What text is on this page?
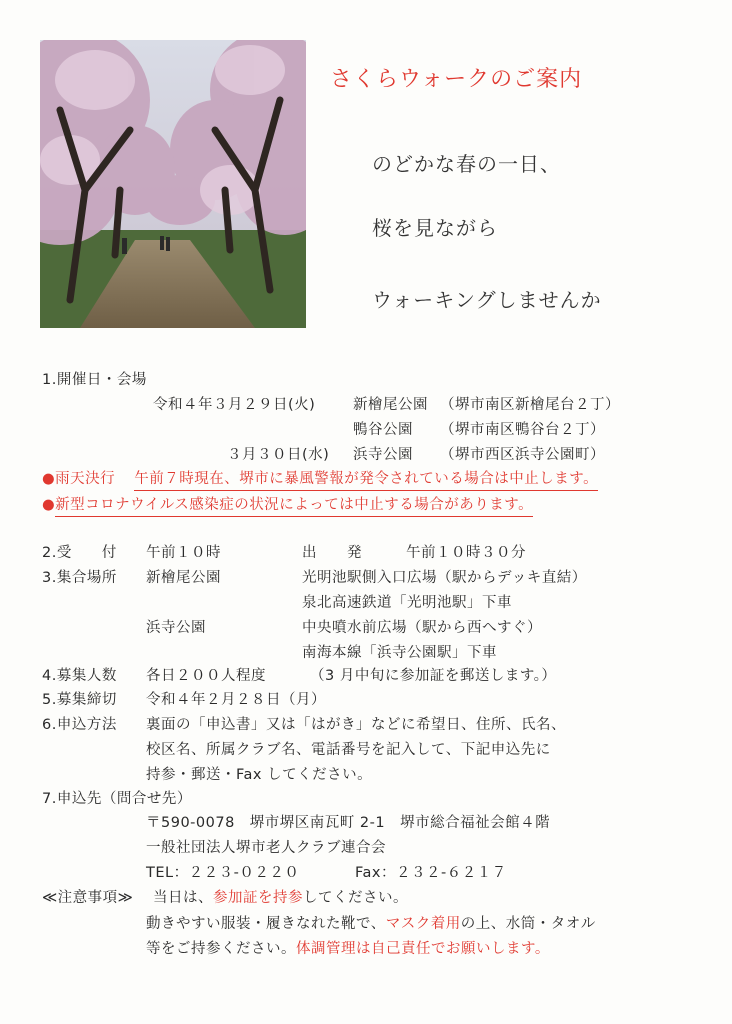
さくらウォークのご案内
のどかな春の一日、
桜を見ながら
ウォーキングしませんか
1.開催日・会場
令和４年３月２９日(火)	新檜尾公園 （堺市南区新檜尾台２丁）
鴨谷公園 （堺市南区鴨谷台２丁）
３月３０日(水) 浜寺公園 （堺市西区浜寺公園町）
●雨天決行 午前７時現在、堺市に暴風警報が発令されている場合は中止します。
●新型コロナウイルス感染症の状況によっては中止する場合があります。
2.受　　付 午前１０時	出　　発	午前１０時３０分
3.集合場所 新檜尾公園	光明池駅側入口広場（駅からデッキ直結）
泉北高速鉄道「光明池駅」下車
浜寺公園	中央噴水前広場（駅から西へすぐ）
南海本線「浜寺公園駅」下車
4.募集人数 各日２００人程度	（3 月中旬に参加証を郵送します。）
5.募集締切 令和４年２月２８日（月）
6.申込方法 裏面の「申込書」又は「はがき」などに希望日、住所、氏名、
校区名、所属クラブ名、電話番号を記入して、下記申込先に
持参・郵送・Fax してください。
7.申込先（問合せ先）
〒590-0078　堺市堺区南瓦町 2-1　堺市総合福祉会館４階
一般社団法人堺市老人クラブ連合会
TEL：２２３-０２２０	Fax：２３２-６２１７
≪注意事項≫ 当日は、参加証を持参してください。
動きやすい服装・履きなれた靴で、マスク着用の上、水筒・タオル
等をご持参ください。体調管理は自己責任でお願いします。
